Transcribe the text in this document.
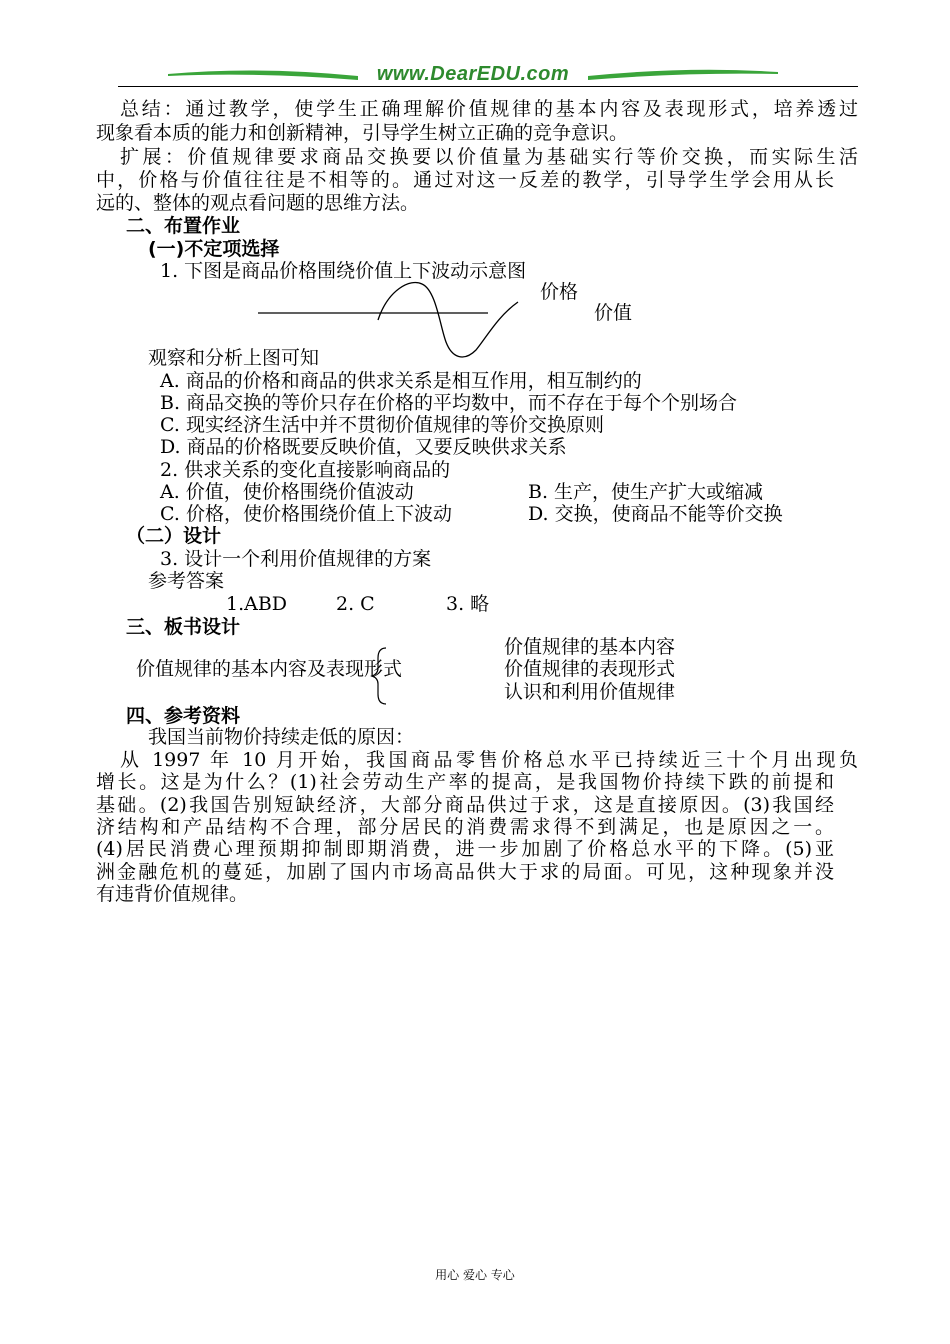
www.DearEDU.com
总结：通过教学，使学生正确理解价值规律的基本内容及表现形式，培养透过
现象看本质的能力和创新精神，引导学生树立正确的竞争意识。
扩展：价值规律要求商品交换要以价值量为基础实行等价交换，而实际生活
中，价格与价值往往是不相等的。通过对这一反差的教学，引导学生学会用从长
远的、整体的观点看问题的思维方法。
二、布置作业
(一)不定项选择
1. 下图是商品价格围绕价值上下波动示意图
价格
价值
观察和分析上图可知
A. 商品的价格和商品的供求关系是相互作用，相互制约的
B. 商品交换的等价只存在价格的平均数中，而不存在于每个个别场合
C. 现实经济生活中并不贯彻价值规律的等价交换原则
D. 商品的价格既要反映价值，又要反映供求关系
2. 供求关系的变化直接影响商品的
A. 价值，使价格围绕价值波动	B. 生产，使生产扩大或缩减
C. 价格，使价格围绕价值上下波动	D. 交换，使商品不能等价交换
（二）设计
3. 设计一个利用价值规律的方案
参考答案
1.ABD	2. C	3. 略
三、板书设计
价值规律的基本内容
价值规律的基本内容及表现形式	价值规律的表现形式
认识和利用价值规律
四、参考资料
我国当前物价持续走低的原因：
从 1997 年 10 月开始，我国商品零售价格总水平已持续近三十个月出现负
增长。这是为什么？(1)社会劳动生产率的提高，是我国物价持续下跌的前提和
基础。(2)我国告别短缺经济，大部分商品供过于求，这是直接原因。(3)我国经
济结构和产品结构不合理，部分居民的消费需求得不到满足，也是原因之一。
(4)居民消费心理预期抑制即期消费，进一步加剧了价格总水平的下降。(5)亚
洲金融危机的蔓延，加剧了国内市场高品供大于求的局面。可见，这种现象并没
有违背价值规律。
用心 爱心 专心
